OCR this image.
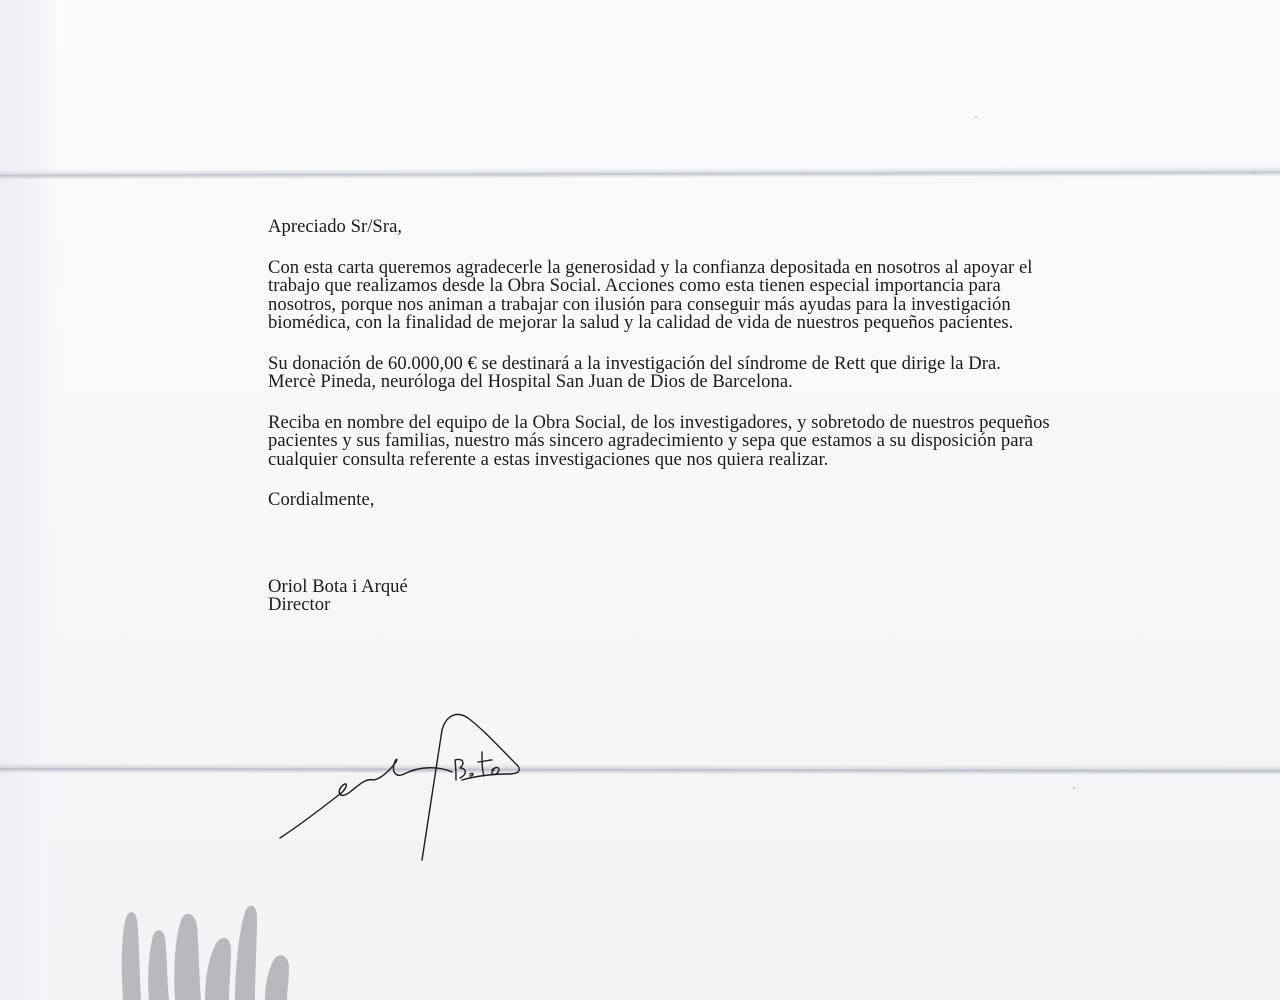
Apreciado Sr/Sra,
Con esta carta queremos agradecerle la generosidad y la confianza depositada en nosotros al apoyar el
trabajo que realizamos desde la Obra Social. Acciones como esta tienen especial importancia para
nosotros, porque nos animan a trabajar con ilusión para conseguir más ayudas para la investigación
biomédica, con la finalidad de mejorar la salud y la calidad de vida de nuestros pequeños pacientes.
Su donación de 60.000,00 € se destinará a la investigación del síndrome de Rett que dirige la Dra.
Mercè Pineda, neuróloga del Hospital San Juan de Dios de Barcelona.
Reciba en nombre del equipo de la Obra Social, de los investigadores, y sobretodo de nuestros pequeños
pacientes y sus familias, nuestro más sincero agradecimiento y sepa que estamos a su disposición para
cualquier consulta referente a estas investigaciones que nos quiera realizar.
Cordialmente,
Oriol Bota i Arqué
Director
